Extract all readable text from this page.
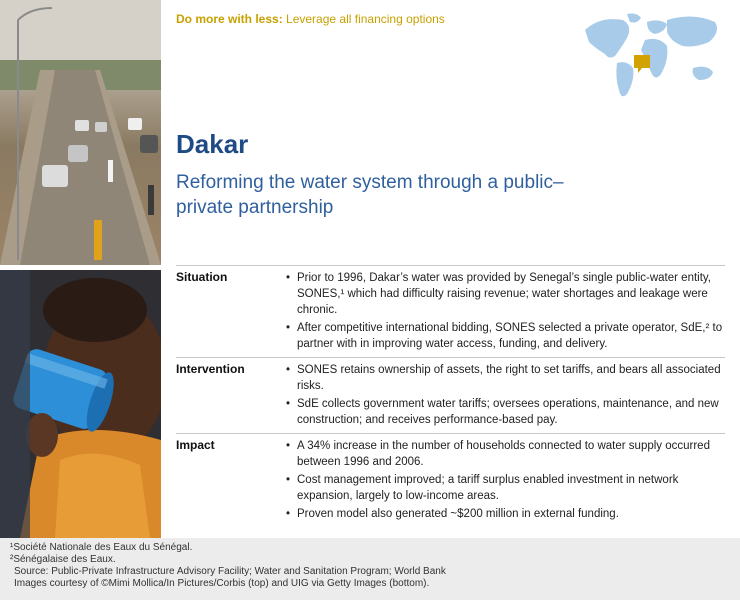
Do more with less: Leverage all financing options
Dakar
Reforming the water system through a public–private partnership
Situation	• Prior to 1996, Dakar’s water was provided by Senegal’s single public-water entity, SONES,¹ which had difficulty raising revenue; water shortages and leakage were chronic.
• After competitive international bidding, SONES selected a private operator, SdE,² to partner with in improving water access, funding, and delivery.
Intervention	• SONES retains ownership of assets, the right to set tariffs, and bears all associated risks.
• SdE collects government water tariffs; oversees operations, maintenance, and new construction; and receives performance-based pay.
Impact	• A 34% increase in the number of households connected to water supply occurred between 1996 and 2006.
• Cost management improved; a tariff surplus enabled investment in network expansion, largely to low-income areas.
• Proven model also generated ~$200 million in external funding.
¹Société Nationale des Eaux du Sénégal.
²Sénégalaise des Eaux.
Source: Public-Private Infrastructure Advisory Facility; Water and Sanitation Program; World Bank
Images courtesy of ©Mimi Mollica/In Pictures/Corbis (top) and UIG via Getty Images (bottom).
